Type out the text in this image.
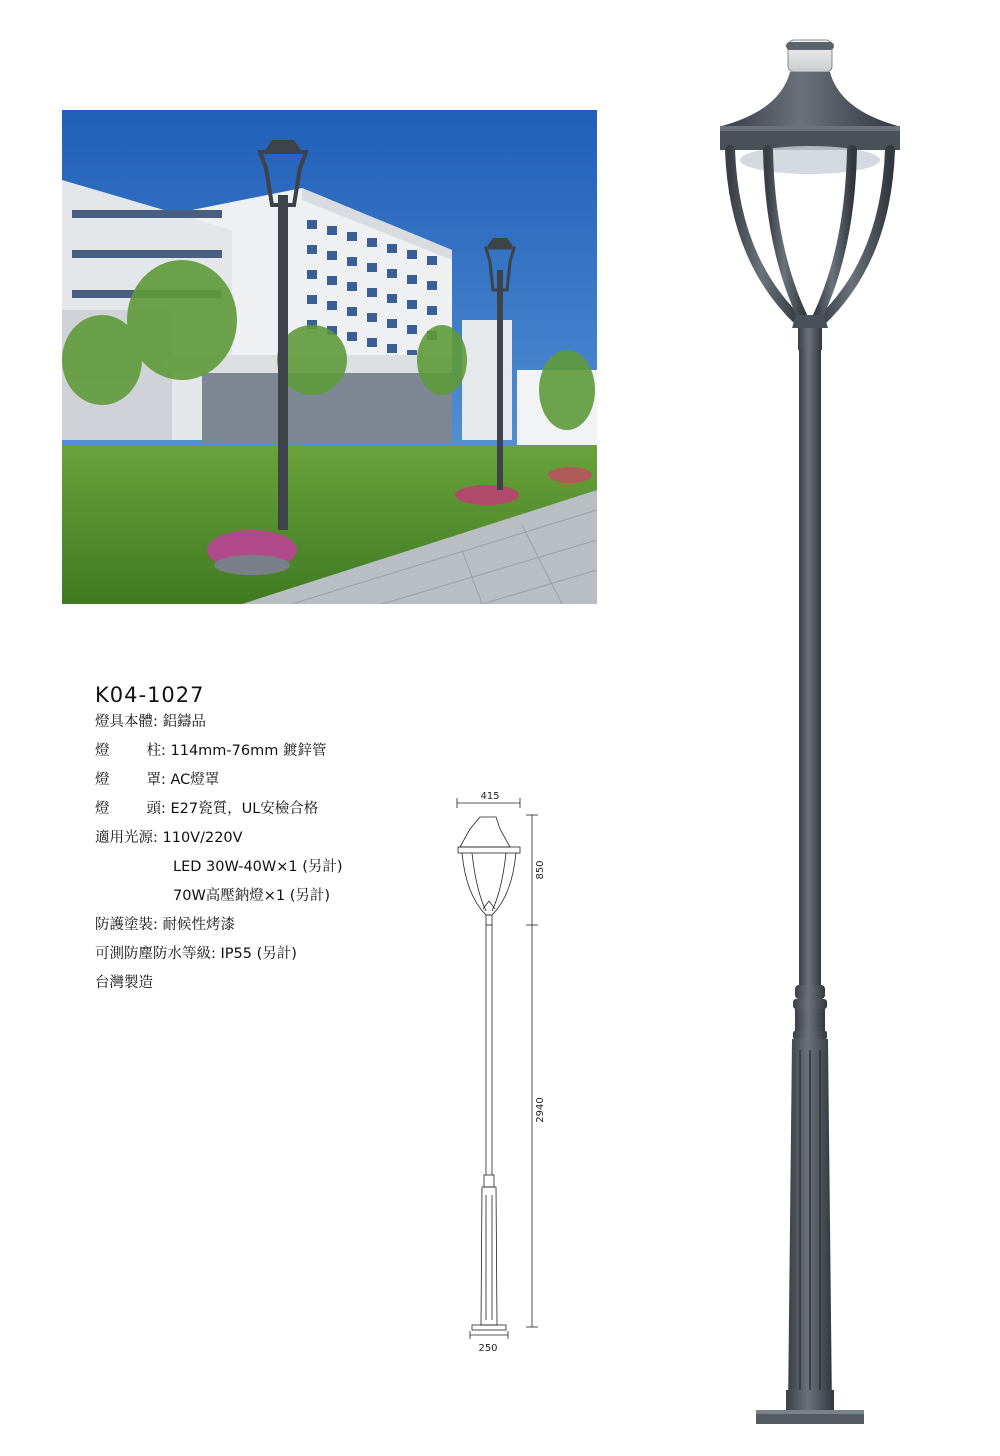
K04-1027
燈具本體: 鋁鑄品
燈	柱 : 114mm-76mm 鍍鋅管
燈	罩 : AC燈罩
燈	頭 : E27瓷質，UL安檢合格
適用光源: 110V/220V
LED 30W-40W×1 (另計)
70W高壓鈉燈×1 (另計)
防護塗裝: 耐候性烤漆
可測防塵防水等級: IP55 (另計)
台灣製造
415
850
2940
250
